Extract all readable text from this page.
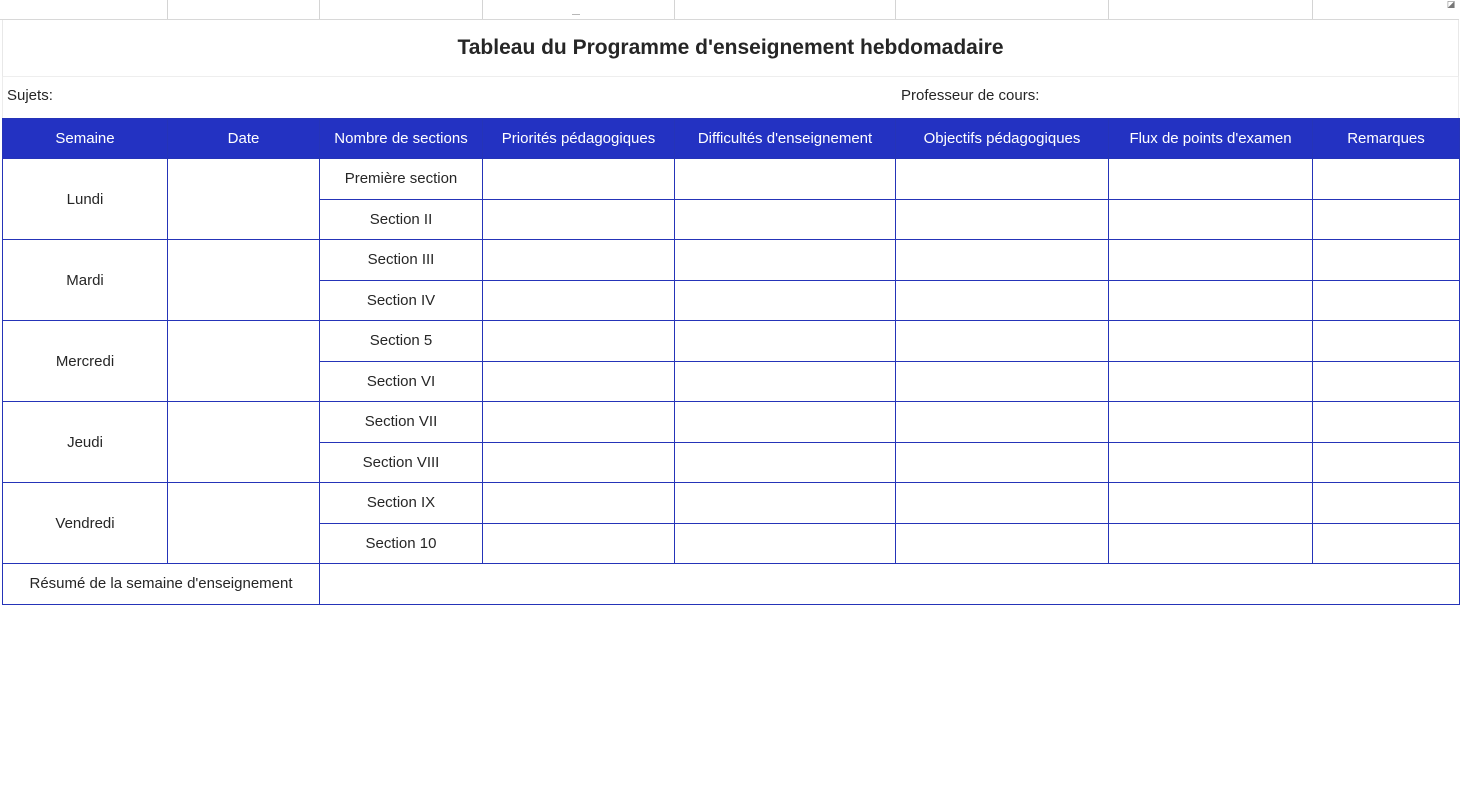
◪
Tableau du Programme d'enseignement hebdomadaire
Sujets:	Professeur de cours:
Semaine	Date	Nombre de sections	Priorités pédagogiques	Difficultés d'enseignement	Objectifs pédagogiques	Flux de points d'examen	Remarques
Lundi		Première section					
		Section II					
Mardi		Section III					
		Section IV					
Mercredi		Section 5					
		Section VI					
Jeudi		Section VII					
		Section VIII					
Vendredi		Section IX					
		Section 10					
Résumé de la semaine d'enseignement							
